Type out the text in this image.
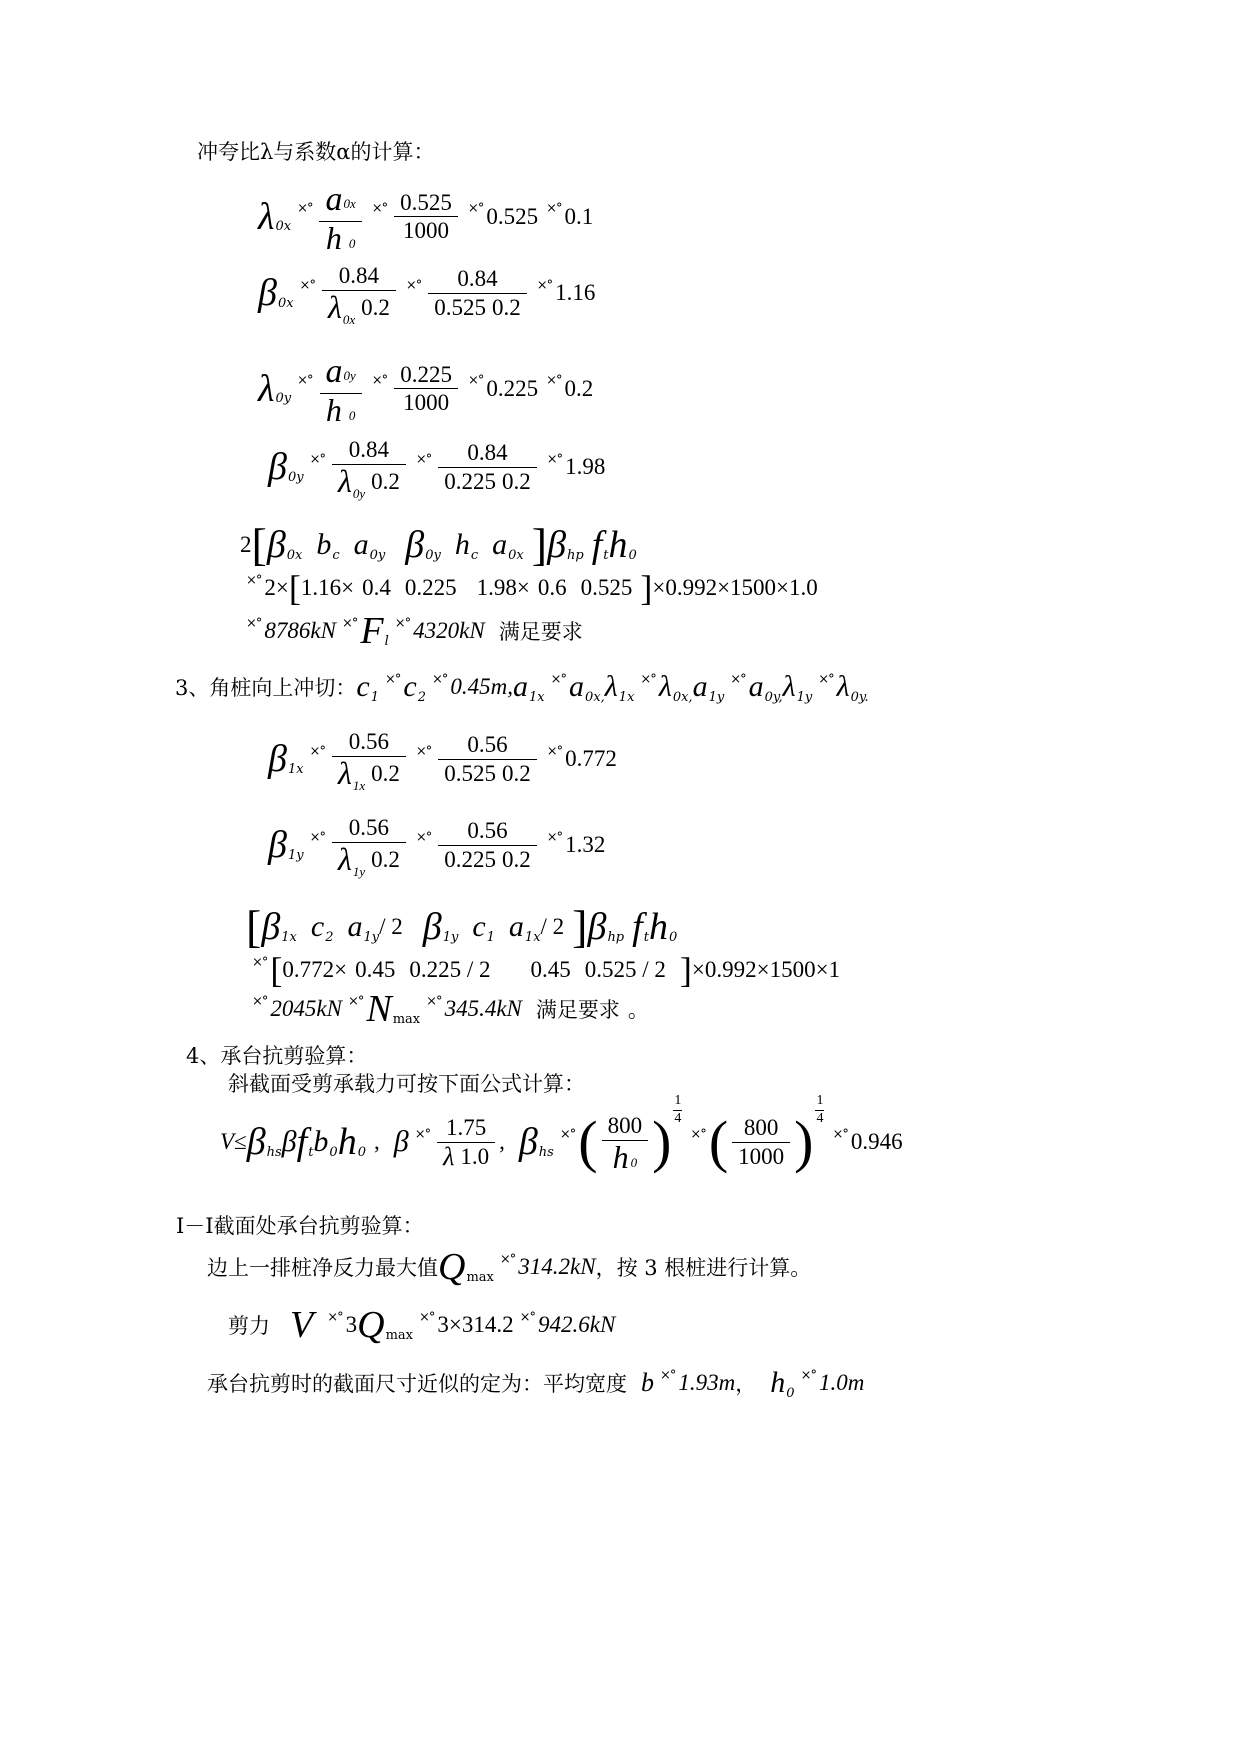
冲夸比λ与系数α的计算：
λ 0x
×° $\frac{a0x}{h 0}$ ×° $\frac{0.525}{1000}$ ×° 0.525 ×° 0.1
β 0x
×° $\frac{0.84}{\lambda_{0x} 0.2}$ ×° $\frac{0.84}{0.525 0.2}$ ×° 1.16
λ 0y
×° $\frac{a0y}{h 0}$ ×° $\frac{0.225}{1000}$ ×° 0.225 ×° 0.2
β 0y
×° $\frac{0.84}{\lambda_{0y} 0.2}$ ×° $\frac{0.84}{0.225 0.2}$ ×° 1.98
2 [ β 0x b c a 0y β 0y h c a 0x ] β hp f t h 0
×° 2× [ 1.16× 0.4 0.225 1.98× 0.6 0.525 ] ×0.992×1500×1.0
×° 8786kN ×° F l
×° 4320kN 满足要求
3、角桩向上冲切： c 1
×° c 2
×° 0.45m, a 1x
×° a 0x, λ 1x
×° λ 0x, a 1y
×° a 0y, λ 1y
×° λ 0y.
β 1x
×° $\frac{0.56}{\lambda_{1x} 0.2}$ ×° $\frac{0.56}{0.525 0.2}$ ×° 0.772
β 1y
×° $\frac{0.56}{\lambda_{1y} 0.2}$ ×° $\frac{0.56}{0.225 0.2}$ ×° 1.32
[ β 1x c 2 a 1y / 2 β 1y c 1 a 1x / 2 ] β hp f t h 0
×° [ 0.772× 0.45 0.225 / 2 0.45 0.525 / 2 ] ×0.992×1500×1
×° 2045kN ×° N max
×° 345.4kN 满足要求 。
4、承台抗剪验算：
斜截面受剪承载力可按下面公式计算：
V≤ β hs β f t b 0 h 0 , β ×° $\frac{1.75}{\lambda 1.0}$ , β hs
×° ( $\frac{800}{h 0}$ ) $\frac{1}{4}$
×° ( $\frac{800}{1000}$ ) $\frac{1}{4}$
×° 0.946
Ⅰ－Ⅰ截面处承台抗剪验算：
边上一排桩净反力最大值 Q max
×° 314.2kN ，按 3 根桩进行计算。
剪力 V ×° 3 Q max
×° 3×314.2 ×° 942.6kN
承台抗剪时的截面尺寸近似的定为：平均宽度 b ×° 1.93m ， h 0
×° 1.0m
